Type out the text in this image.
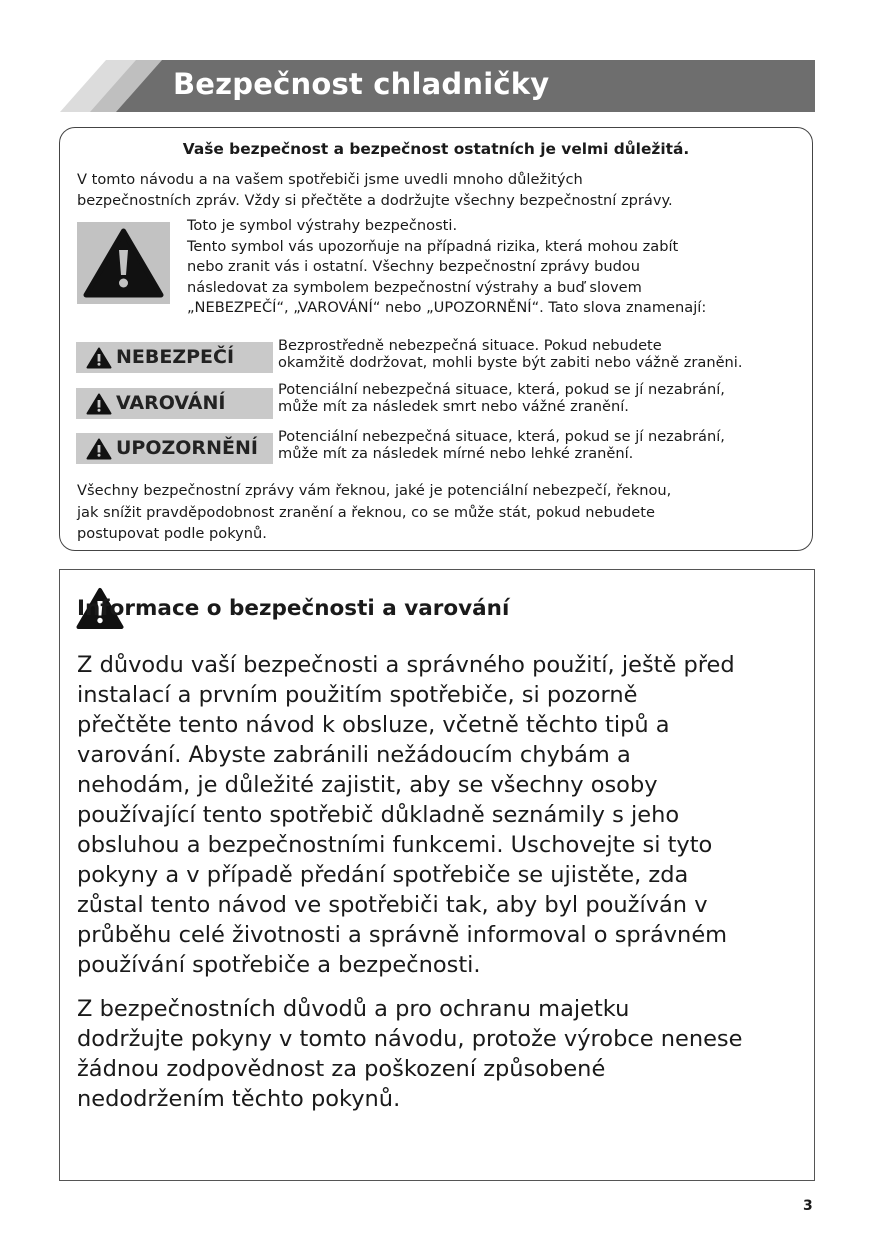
Bezpečnost chladničky
Vaše bezpečnost a bezpečnost ostatních je velmi důležitá.
V tomto návodu a na vašem spotřebiči jsme uvedli mnoho důležitých
bezpečnostních zpráv. Vždy si přečtěte a dodržujte všechny bezpečnostní zprávy.
Toto je symbol výstrahy bezpečnosti.
Tento symbol vás upozorňuje na případná rizika, která mohou zabít
nebo zranit vás i ostatní. Všechny bezpečnostní zprávy budou
následovat za symbolem bezpečnostní výstrahy a buď slovem
„NEBEZPEČÍ“, „VAROVÁNÍ“ nebo „UPOZORNĚNÍ“. Tato slova znamenají:
NEBEZPEČÍ
Bezprostředně nebezpečná situace. Pokud nebudete
okamžitě dodržovat, mohli byste být zabiti nebo vážně zraněni.
VAROVÁNÍ
Potenciální nebezpečná situace, která, pokud se jí nezabrání,
může mít za následek smrt nebo vážné zranění.
UPOZORNĚNÍ
Potenciální nebezpečná situace, která, pokud se jí nezabrání,
může mít za následek mírné nebo lehké zranění.
Všechny bezpečnostní zprávy vám řeknou, jaké je potenciální nebezpečí, řeknou,
jak snížit pravděpodobnost zranění a řeknou, co se může stát, pokud nebudete
postupovat podle pokynů.
Informace o bezpečnosti a varování
Z důvodu vaší bezpečnosti a správného použití, ještě před
instalací a prvním použitím spotřebiče, si pozorně
přečtěte tento návod k obsluze, včetně těchto tipů a
varování. Abyste zabránili nežádoucím chybám a
nehodám, je důležité zajistit, aby se všechny osoby
používající tento spotřebič důkladně seznámily s jeho
obsluhou a bezpečnostními funkcemi. Uschovejte si tyto
pokyny a v případě předání spotřebiče se ujistěte, zda
zůstal tento návod ve spotřebiči tak, aby byl používán v
průběhu celé životnosti a správně informoval o správném
používání spotřebiče a bezpečnosti.
Z bezpečnostních důvodů a pro ochranu majetku
dodržujte pokyny v tomto návodu, protože výrobce nenese
žádnou zodpovědnost za poškození způsobené
nedodržením těchto pokynů.
3
